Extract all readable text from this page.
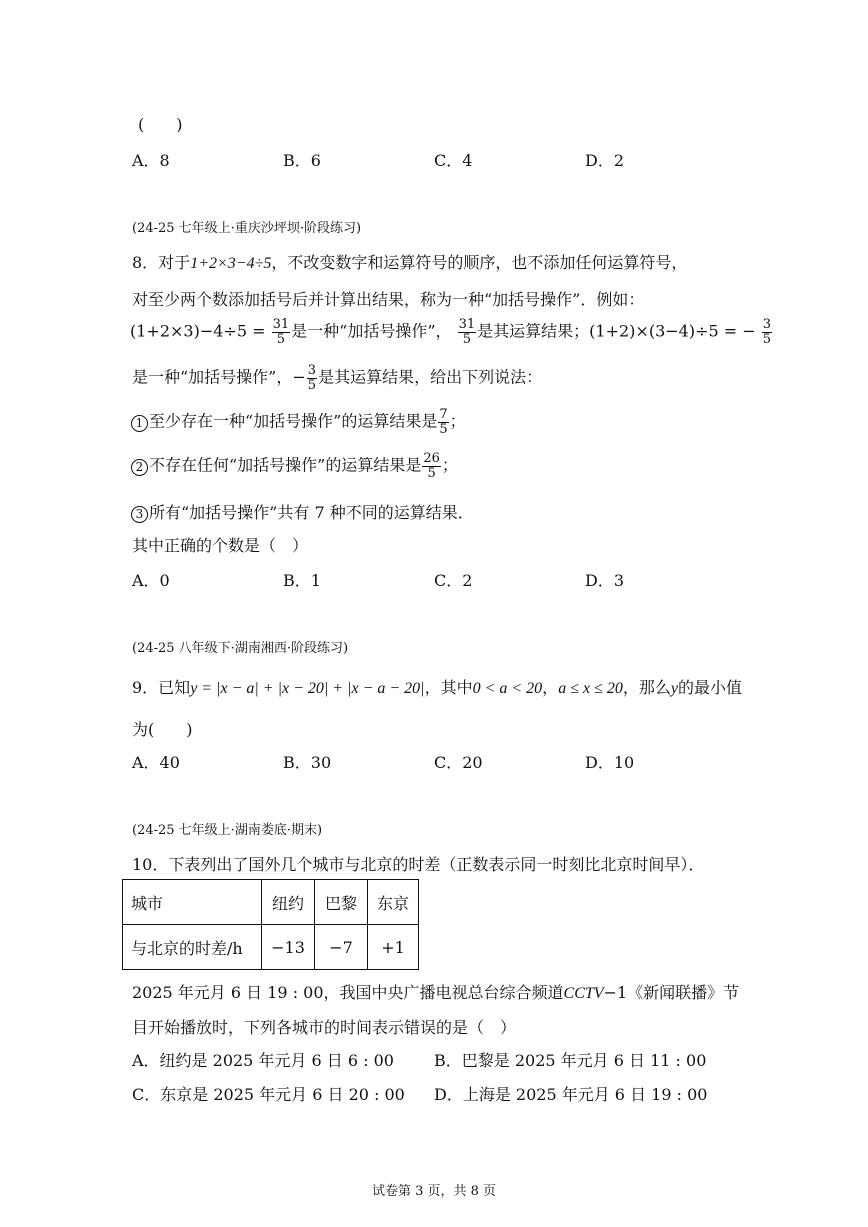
(　　)
A．8	B．6	C．4	D．2
(24-25 七年级上·重庆沙坪坝·阶段练习)
8．对于1+2×3−4÷5，不改变数字和运算符号的顺序，也不添加任何运算符号，
对至少两个数添加括号后并计算出结果，称为一种“加括号操作”．例如：
$(1+2\times 3)-4\div 5 = \frac{31}{5}$ 是一种“加括号操作”， $\frac{31}{5}$ 是其运算结果；(1+2)×(3−4)÷5 = − $\frac{3}{5}$
是一种“加括号操作”，− $\frac{3}{5}$ 是其运算结果，给出下列说法：
1 至少存在一种“加括号操作”的运算结果是 $\frac{7}{5}$ ；
2 不存在任何“加括号操作”的运算结果是 $\frac{26}{5}$ ；
3 所有“加括号操作”共有 7 种不同的运算结果．
其中正确的个数是（　）
A．0	B．1	C．2	D．3
(24-25 八年级下·湖南湘西·阶段练习)
9．已知y = |x − a| + |x − 20| + |x − a − 20|，其中0 < a < 20，a ≤ x ≤ 20，那么y的最小值
为(　　)
A．40	B．30	C．20	D．10
(24-25 七年级上·湖南娄底·期末)
10．下表列出了国外几个城市与北京的时差（正数表示同一时刻比北京时间早）．
城市	纽约	巴黎	东京
与北京的时差/h	−13	−7	+1
2025 年元月 6 日 19 : 00，我国中央广播电视总台综合频道CCTV−1《新闻联播》节
目开始播放时，下列各城市的时间表示错误的是（　）
A．纽约是 2025 年元月 6 日 6 : 00	B．巴黎是 2025 年元月 6 日 11 : 00
C．东京是 2025 年元月 6 日 20 : 00 D．上海是 2025 年元月 6 日 19 : 00
试卷第 3 页，共 8 页
